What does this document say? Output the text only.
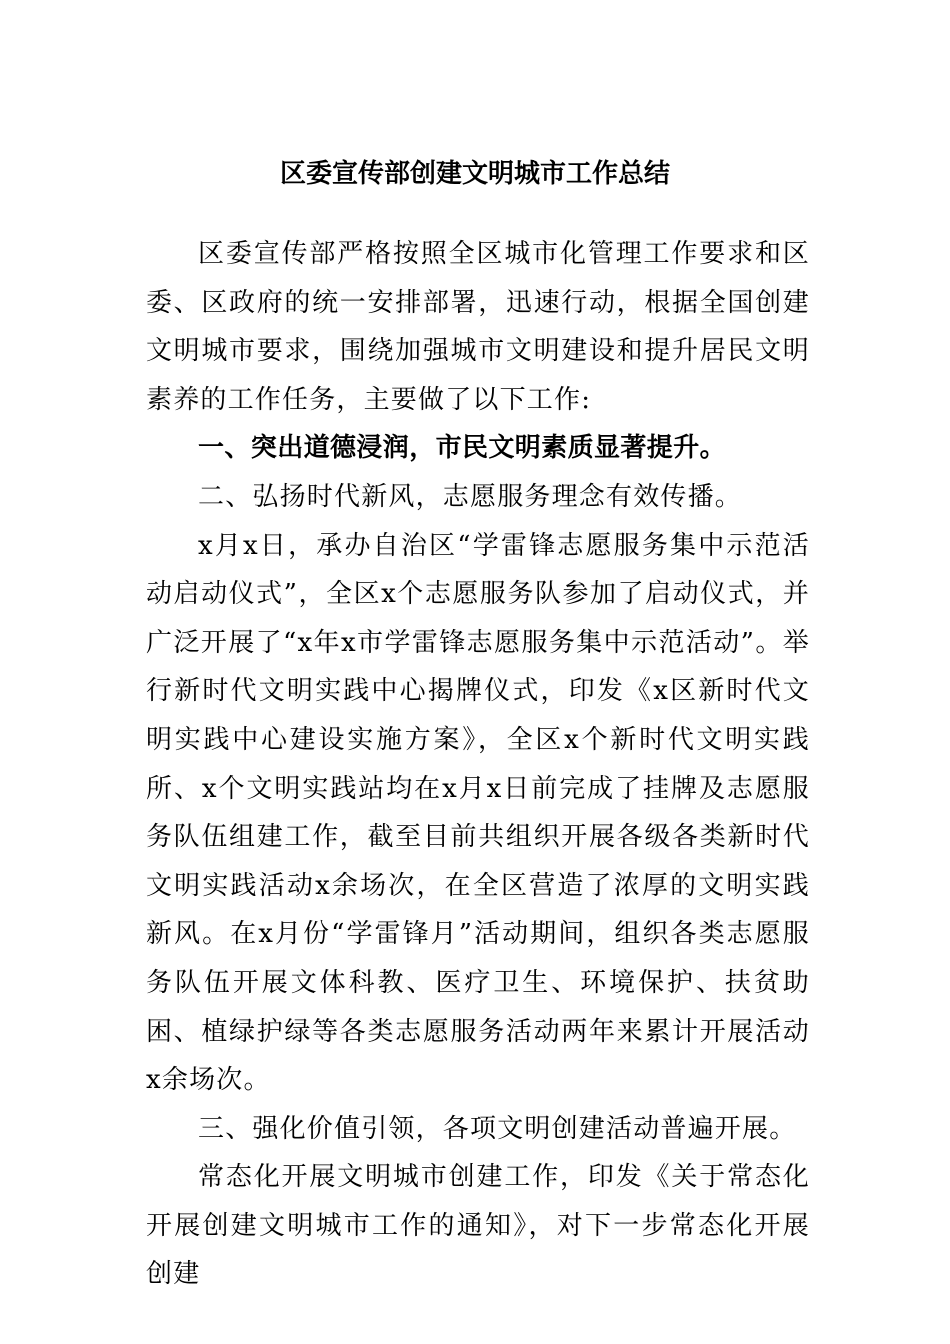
区委宣传部创建文明城市工作总结

区委宣传部严格按照全区城市化管理工作要求和区委、区政府的统一安排部署，迅速行动，根据全国创建文明城市要求，围绕加强城市文明建设和提升居民文明素养的工作任务，主要做了以下工作:

一、突出道德浸润，市民文明素质显著提升。

二、弘扬时代新风，志愿服务理念有效传播。

x月x日，承办自治区“学雷锋志愿服务集中示范活动启动仪式”，全区x个志愿服务队参加了启动仪式，并广泛开展了“x年x市学雷锋志愿服务集中示范活动”。举行新时代文明实践中心揭牌仪式，印发《x区新时代文明实践中心建设实施方案》，全区x个新时代文明实践所、x个文明实践站均在x月x日前完成了挂牌及志愿服务队伍组建工作，截至目前共组织开展各级各类新时代文明实践活动x余场次，在全区营造了浓厚的文明实践新风。在x月份“学雷锋月”活动期间，组织各类志愿服务队伍开展文体科教、医疗卫生、环境保护、扶贫助困、植绿护绿等各类志愿服务活动两年来累计开展活动x余场次。

三、强化价值引领，各项文明创建活动普遍开展。

常态化开展文明城市创建工作，印发《关于常态化开展创建文明城市工作的通知》，对下一步常态化开展创建
